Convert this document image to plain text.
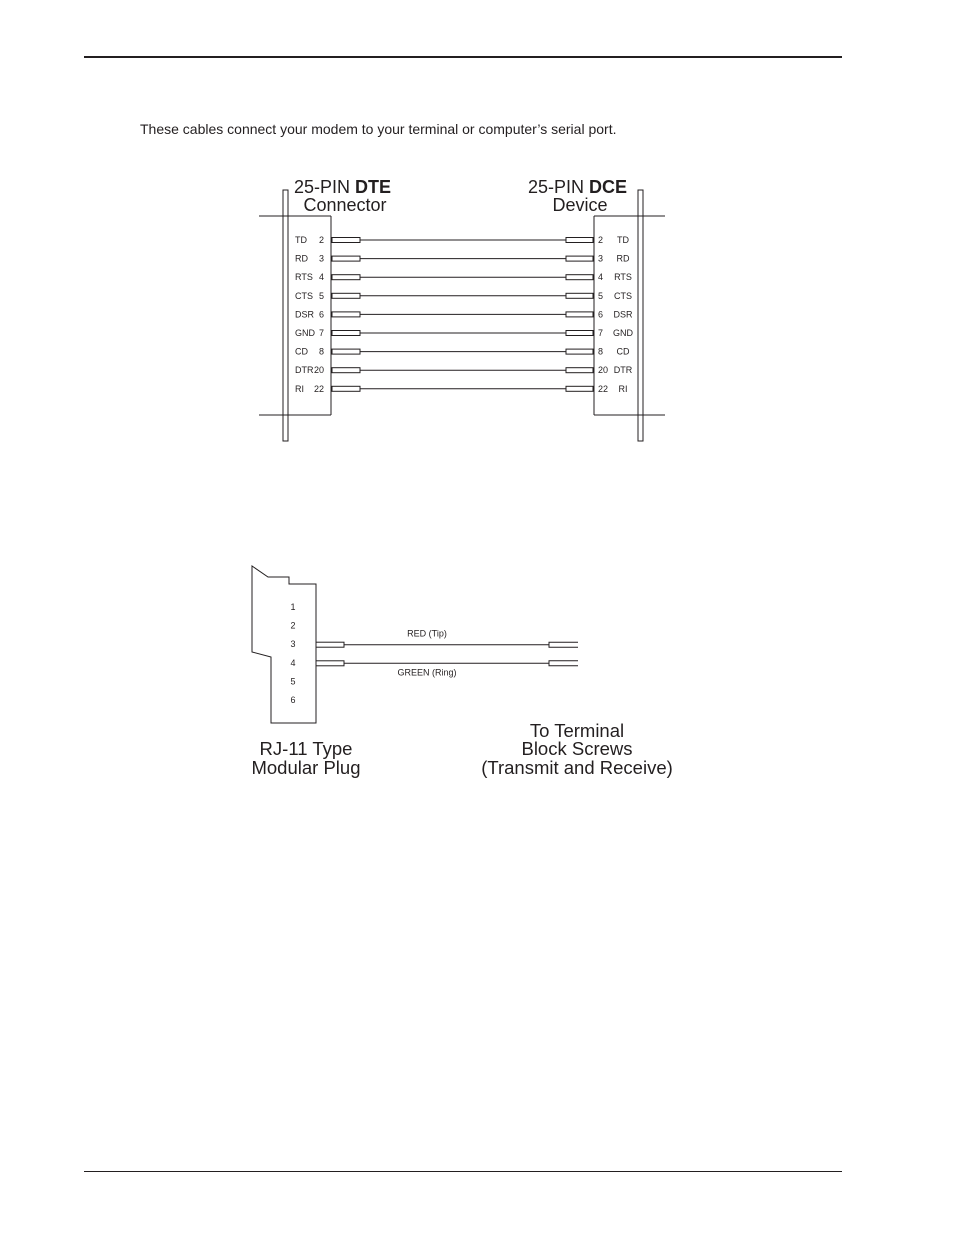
These cables connect your modem to your terminal or computer’s serial port.
25-PIN DTE
Connector
25-PIN DCE
Device
TD 2	2 TD
RD 3	3 RD
RTS 4	4 RTS
CTS 5	5 CTS
DSR 6	6 DSR
GND 7	7 GND
CD 8	8 CD
DTR 20	20 DTR
RI 22	22 RI
1
2
3
4
5
6
RED (Tip)
GREEN (Ring)
RJ-11 Type
Modular Plug
To Terminal
Block Screws
(Transmit and Receive)
